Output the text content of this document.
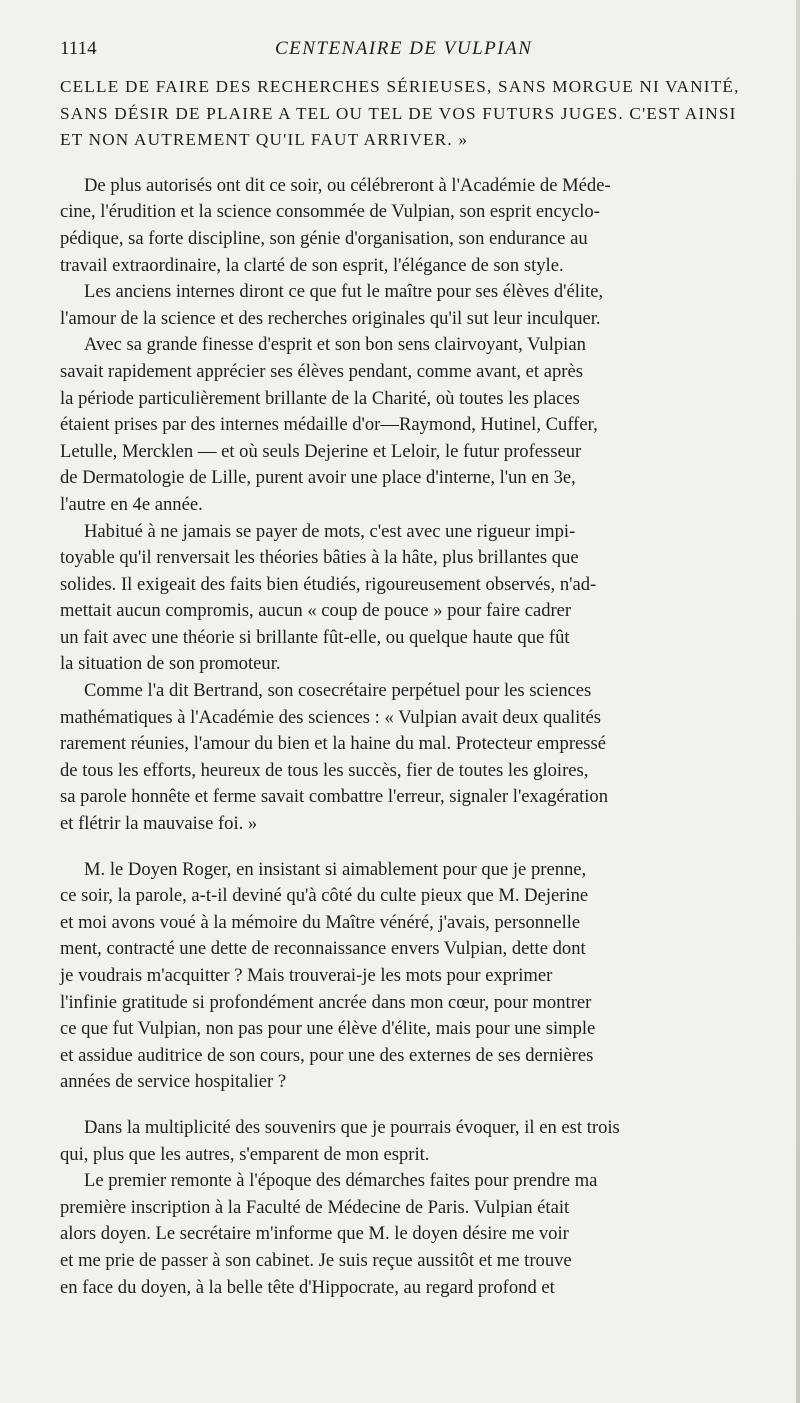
1114	CENTENAIRE DE VULPIAN
CELLE DE FAIRE DES RECHERCHES SÉRIEUSES, SANS MORGUE NI VANITÉ,
SANS DÉSIR DE PLAIRE A TEL OU TEL DE VOS FUTURS JUGES. C'EST AINSI
ET NON AUTREMENT QU'IL FAUT ARRIVER. »
De plus autorisés ont dit ce soir, ou célébreront à l'Académie de Méde-
cine, l'érudition et la science consommée de Vulpian, son esprit encyclo-
pédique, sa forte discipline, son génie d'organisation, son endurance au
travail extraordinaire, la clarté de son esprit, l'élégance de son style.
Les anciens internes diront ce que fut le maître pour ses élèves d'élite,
l'amour de la science et des recherches originales qu'il sut leur inculquer.
Avec sa grande finesse d'esprit et son bon sens clairvoyant, Vulpian
savait rapidement apprécier ses élèves pendant, comme avant, et après
la période particulièrement brillante de la Charité, où toutes les places
étaient prises par des internes médaille d'or—Raymond, Hutinel, Cuffer,
Letulle, Mercklen — et où seuls Dejerine et Leloir, le futur professeur
de Dermatologie de Lille, purent avoir une place d'interne, l'un en 3e,
l'autre en 4e année.
Habitué à ne jamais se payer de mots, c'est avec une rigueur impi-
toyable qu'il renversait les théories bâties à la hâte, plus brillantes que
solides. Il exigeait des faits bien étudiés, rigoureusement observés, n'ad-
mettait aucun compromis, aucun « coup de pouce » pour faire cadrer
un fait avec une théorie si brillante fût-elle, ou quelque haute que fût
la situation de son promoteur.
Comme l'a dit Bertrand, son cosecrétaire perpétuel pour les sciences
mathématiques à l'Académie des sciences : « Vulpian avait deux qualités
rarement réunies, l'amour du bien et la haine du mal. Protecteur empressé
de tous les efforts, heureux de tous les succès, fier de toutes les gloires,
sa parole honnête et ferme savait combattre l'erreur, signaler l'exagération
et flétrir la mauvaise foi. »
M. le Doyen Roger, en insistant si aimablement pour que je prenne,
ce soir, la parole, a-t-il deviné qu'à côté du culte pieux que M. Dejerine
et moi avons voué à la mémoire du Maître vénéré, j'avais, personnelle
ment, contracté une dette de reconnaissance envers Vulpian, dette dont
je voudrais m'acquitter ? Mais trouverai-je les mots pour exprimer
l'infinie gratitude si profondément ancrée dans mon cœur, pour montrer
ce que fut Vulpian, non pas pour une élève d'élite, mais pour une simple
et assidue auditrice de son cours, pour une des externes de ses dernières
années de service hospitalier ?
Dans la multiplicité des souvenirs que je pourrais évoquer, il en est trois
qui, plus que les autres, s'emparent de mon esprit.
Le premier remonte à l'époque des démarches faites pour prendre ma
première inscription à la Faculté de Médecine de Paris. Vulpian était
alors doyen. Le secrétaire m'informe que M. le doyen désire me voir
et me prie de passer à son cabinet. Je suis reçue aussitôt et me trouve
en face du doyen, à la belle tête d'Hippocrate, au regard profond et
